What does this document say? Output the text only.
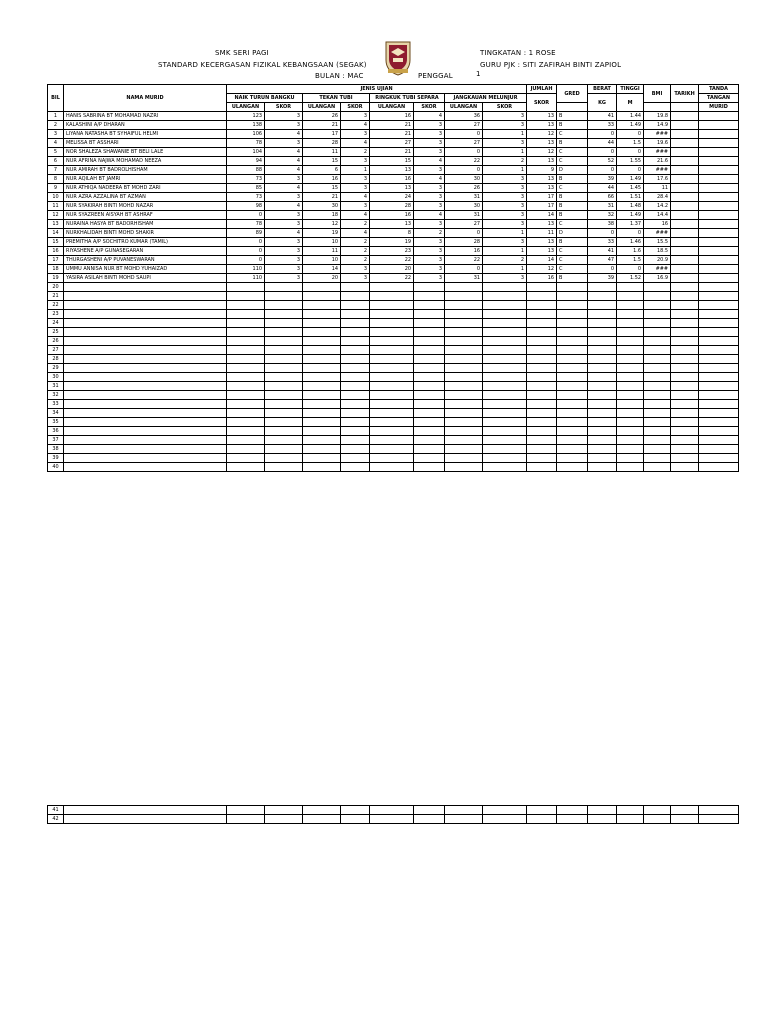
SMK SERI PAGI
STANDARD KECERGASAN FIZIKAL KEBANGSAAN (SEGAK)
BULAN : MAC	PENGGAL	1
TINGKATAN : 1 ROSE
GURU PJK : SITI ZAFIRAH BINTI ZAPIOL
BIL	NAMA MURID	JENIS UJIAN								JUMLAH	GRED	BERAT	TINGGI	BMI	TARIKH	TANDA
		NAIK TURUN BANGKU		TEKAN TUBI		RINGKUK TUBI SEPARA		JANGKAUAN MELUNJUR		SKOR		KG	M			TANGAN
		ULANGAN	SKOR	ULANGAN	SKOR	ULANGAN	SKOR	ULANGAN	SKOR							MURID
1	HANIS SABRINA BT MOHAMAD NAZRI	123	3	26	3	16	4	36	3	13	B	41	1.44	19.8		
2	KALASHINI A/P DHARAN	138	3	21	4	21	3	27	3	13	B	33	1.49	14.9		
3	LIYANA NATASHA BT SYHAIFUL HELMI	106	4	17	3	21	3	0	1	12	C	0	0	###		
4	MELISSA BT ASSHARI	78	3	28	4	27	3	27	3	13	B	44	1.5	19.6		
5	NOR SHALEZA SHAWANIE BT BELI LALE	104	4	11	2	21	3	0	1	12	C	0	0	###		
6	NUR AFRINA NAJWA MOHAMAD NEEZA	94	4	15	3	15	4	22	2	13	C	52	1.55	21.6		
7	NUR AMIRAH BT BADROLHISHAM	88	4	6	1	13	3	0	1	9	D	0	0	###		
8	NUR AQILAH BT JAMRI	73	3	16	3	16	4	30	3	13	B	39	1.49	17.6		
9	NUR ATHIQA NADEERA BT MOHD ZARI	85	4	15	3	13	3	26	3	13	C	44	1.45	11		
10	NUR AZRA AZZALINA BT AZMAN	73	3	21	4	24	3	31	3	17	B	66	1.51	28.4		
11	NUR SYAKIRAH BINTI MOHD NAZAR	98	4	30	3	28	3	30	3	17	B	31	1.48	14.2		
12	NUR SYAZREEN AISYAH BT ASHRAF	0	3	18	4	16	4	31	3	14	B	32	1.49	14.4		
13	NURAINA HASYA BT BADORHISHAM	78	3	12	2	13	3	27	3	13	C	38	1.37	16		
14	NURKHALIDAH BINTI MOHD SHAKIR	89	4	19	4	8	2	0	1	11	D	0	0	###		
15	PREMITHA A/P SOCHITRO KUMAR (TAMIL)	0	3	10	2	19	3	28	3	13	B	33	1.46	15.5		
16	RIYASHENE A/P GUNASEGARAN	0	3	11	2	23	3	16	1	13	C	41	1.6	18.5		
17	THURGASHENI A/P PUVANESWARAN	0	3	10	2	22	3	22	2	14	C	47	1.5	20.9		
18	UMMU ANNISA NUR BT MOHD YUHAIZAD	110	3	14	3	20	3	0	1	12	C	0	0	###		
19	YASIRA ASILAH BINTI MOHD SAUPI	110	3	20	3	22	3	31	3	16	B	39	1.52	16.9		
20																
21																
22																
23																
24																
25																
26																
27																
28																
29																
30																
31																
32																
33																
34																
35																
36																
37																
38																
39																
40																
41																
42																
